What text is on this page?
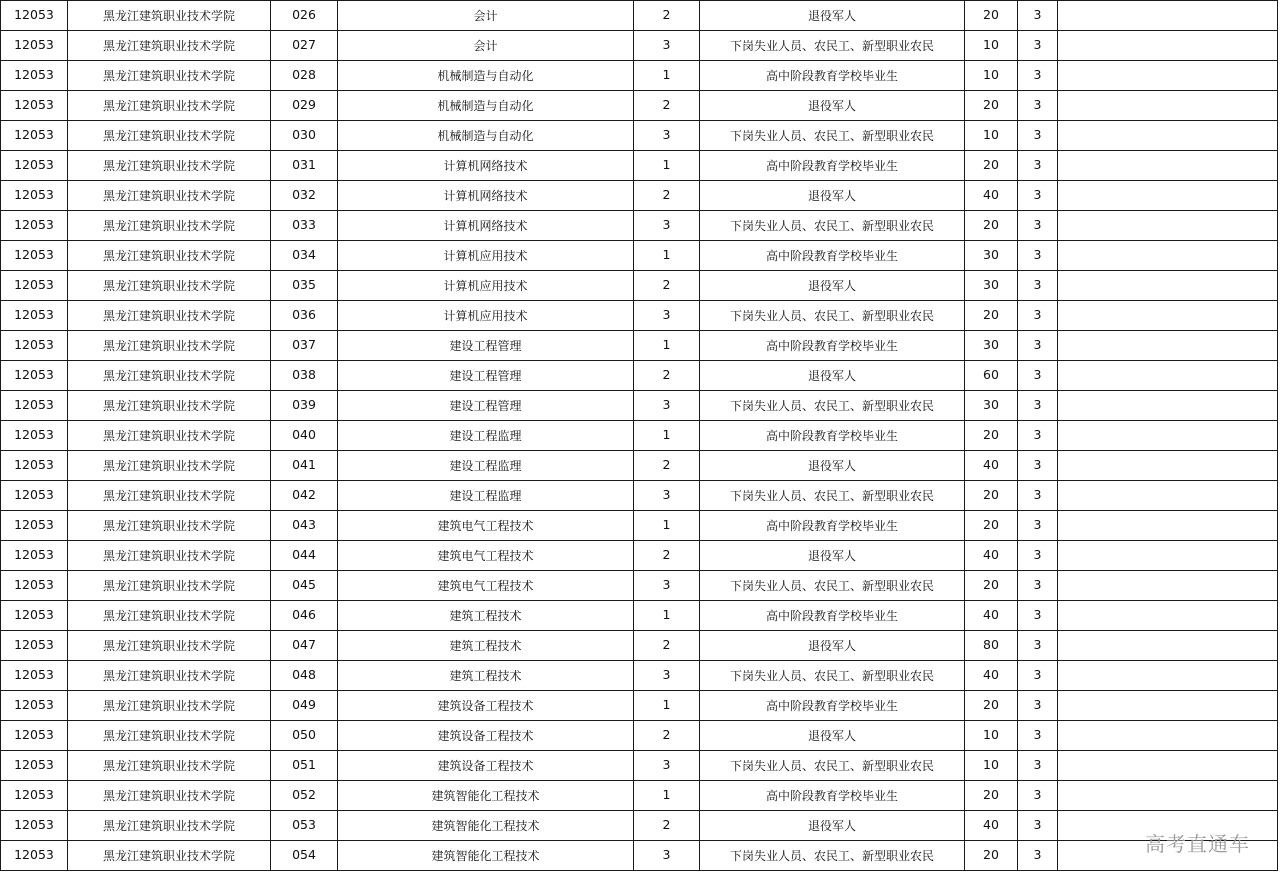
12053	黑龙江建筑职业技术学院	026	会计	2	退役军人	20	3	
12053	黑龙江建筑职业技术学院	027	会计	3	下岗失业人员、农民工、新型职业农民	10	3	
12053	黑龙江建筑职业技术学院	028	机械制造与自动化	1	高中阶段教育学校毕业生	10	3	
12053	黑龙江建筑职业技术学院	029	机械制造与自动化	2	退役军人	20	3	
12053	黑龙江建筑职业技术学院	030	机械制造与自动化	3	下岗失业人员、农民工、新型职业农民	10	3	
12053	黑龙江建筑职业技术学院	031	计算机网络技术	1	高中阶段教育学校毕业生	20	3	
12053	黑龙江建筑职业技术学院	032	计算机网络技术	2	退役军人	40	3	
12053	黑龙江建筑职业技术学院	033	计算机网络技术	3	下岗失业人员、农民工、新型职业农民	20	3	
12053	黑龙江建筑职业技术学院	034	计算机应用技术	1	高中阶段教育学校毕业生	30	3	
12053	黑龙江建筑职业技术学院	035	计算机应用技术	2	退役军人	30	3	
12053	黑龙江建筑职业技术学院	036	计算机应用技术	3	下岗失业人员、农民工、新型职业农民	20	3	
12053	黑龙江建筑职业技术学院	037	建设工程管理	1	高中阶段教育学校毕业生	30	3	
12053	黑龙江建筑职业技术学院	038	建设工程管理	2	退役军人	60	3	
12053	黑龙江建筑职业技术学院	039	建设工程管理	3	下岗失业人员、农民工、新型职业农民	30	3	
12053	黑龙江建筑职业技术学院	040	建设工程监理	1	高中阶段教育学校毕业生	20	3	
12053	黑龙江建筑职业技术学院	041	建设工程监理	2	退役军人	40	3	
12053	黑龙江建筑职业技术学院	042	建设工程监理	3	下岗失业人员、农民工、新型职业农民	20	3	
12053	黑龙江建筑职业技术学院	043	建筑电气工程技术	1	高中阶段教育学校毕业生	20	3	
12053	黑龙江建筑职业技术学院	044	建筑电气工程技术	2	退役军人	40	3	
12053	黑龙江建筑职业技术学院	045	建筑电气工程技术	3	下岗失业人员、农民工、新型职业农民	20	3	
12053	黑龙江建筑职业技术学院	046	建筑工程技术	1	高中阶段教育学校毕业生	40	3	
12053	黑龙江建筑职业技术学院	047	建筑工程技术	2	退役军人	80	3	
12053	黑龙江建筑职业技术学院	048	建筑工程技术	3	下岗失业人员、农民工、新型职业农民	40	3	
12053	黑龙江建筑职业技术学院	049	建筑设备工程技术	1	高中阶段教育学校毕业生	20	3	
12053	黑龙江建筑职业技术学院	050	建筑设备工程技术	2	退役军人	10	3	
12053	黑龙江建筑职业技术学院	051	建筑设备工程技术	3	下岗失业人员、农民工、新型职业农民	10	3	
12053	黑龙江建筑职业技术学院	052	建筑智能化工程技术	1	高中阶段教育学校毕业生	20	3	
12053	黑龙江建筑职业技术学院	053	建筑智能化工程技术	2	退役军人	40	3	
12053	黑龙江建筑职业技术学院	054	建筑智能化工程技术	3	下岗失业人员、农民工、新型职业农民	20	3		高考直通车
